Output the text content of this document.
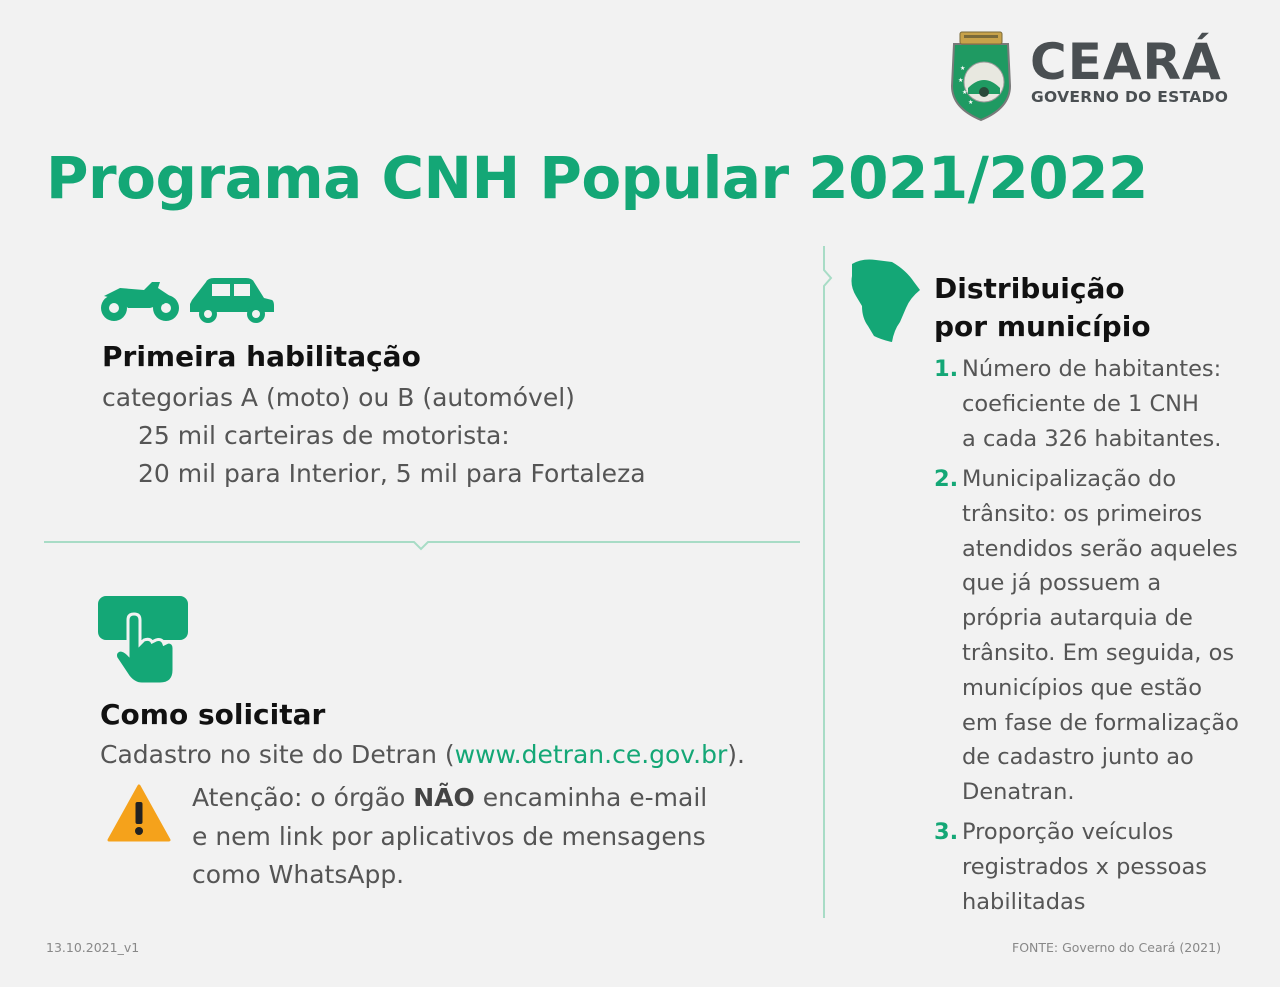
★
★
★
★
CEARÁ
GOVERNO DO ESTADO
Programa CNH Popular 2021/2022
Primeira habilitação
categorias A (moto) ou B (automóvel)
25 mil carteiras de motorista:
20 mil para Interior, 5 mil para Fortaleza
Como solicitar
Cadastro no site do Detran (www.detran.ce.gov.br).
Atenção: o órgão NÃO encaminha e-mail
e nem link por aplicativos de mensagens
como WhatsApp.
Distribuição
por município
1. Número de habitantes:
coeficiente de 1 CNH
a cada 326 habitantes.
2. Municipalização do
trânsito: os primeiros
atendidos serão aqueles
que já possuem a
própria autarquia de
trânsito. Em seguida, os
municípios que estão
em fase de formalização
de cadastro junto ao
Denatran.
3. Proporção veículos
registrados x pessoas
habilitadas
13.10.2021_v1	FONTE: Governo do Ceará (2021)
